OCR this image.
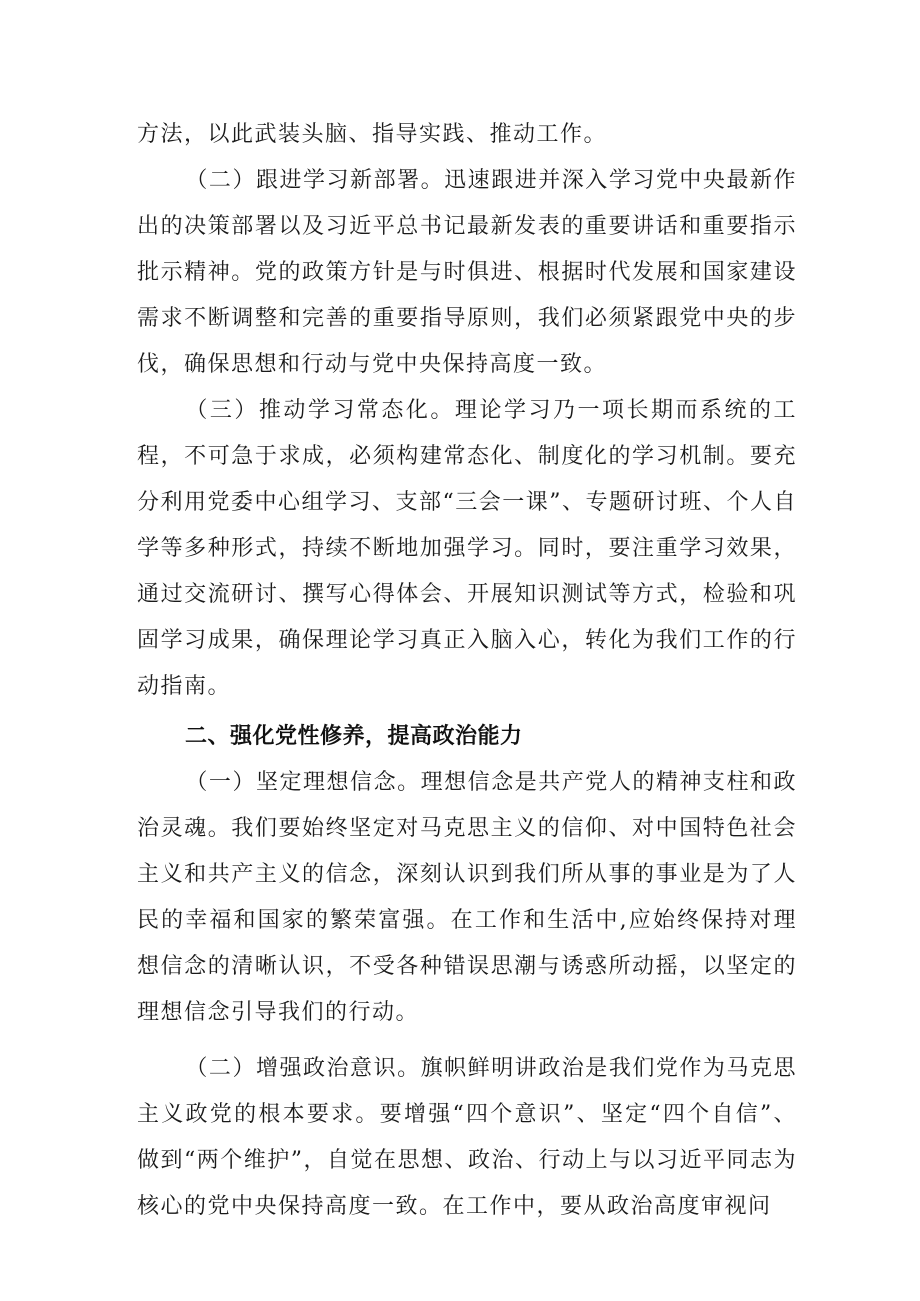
方法，以此武装头脑、指导实践、推动工作。

（二）跟进学习新部署。迅速跟进并深入学习党中央最新作出的决策部署以及习近平总书记最新发表的重要讲话和重要指示批示精神。党的政策方针是与时俱进、根据时代发展和国家建设需求不断调整和完善的重要指导原则，我们必须紧跟党中央的步伐，确保思想和行动与党中央保持高度一致。

（三）推动学习常态化。理论学习乃一项长期而系统的工程，不可急于求成，必须构建常态化、制度化的学习机制。要充分利用党委中心组学习、支部“三会一课”、专题研讨班、个人自学等多种形式，持续不断地加强学习。同时，要注重学习效果，通过交流研讨、撰写心得体会、开展知识测试等方式，检验和巩固学习成果，确保理论学习真正入脑入心，转化为我们工作的行动指南。

二、强化党性修养，提高政治能力

（一）坚定理想信念。理想信念是共产党人的精神支柱和政治灵魂。我们要始终坚定对马克思主义的信仰、对中国特色社会主义和共产主义的信念，深刻认识到我们所从事的事业是为了人民的幸福和国家的繁荣富强。在工作和生活中,应始终保持对理想信念的清晰认识，不受各种错误思潮与诱惑所动摇，以坚定的理想信念引导我们的行动。

（二）增强政治意识。旗帜鲜明讲政治是我们党作为马克思主义政党的根本要求。要增强“四个意识”、坚定“四个自信”、做到“两个维护”，自觉在思想、政治、行动上与以习近平同志为核心的党中央保持高度一致。在工作中，要从政治高度审视问
